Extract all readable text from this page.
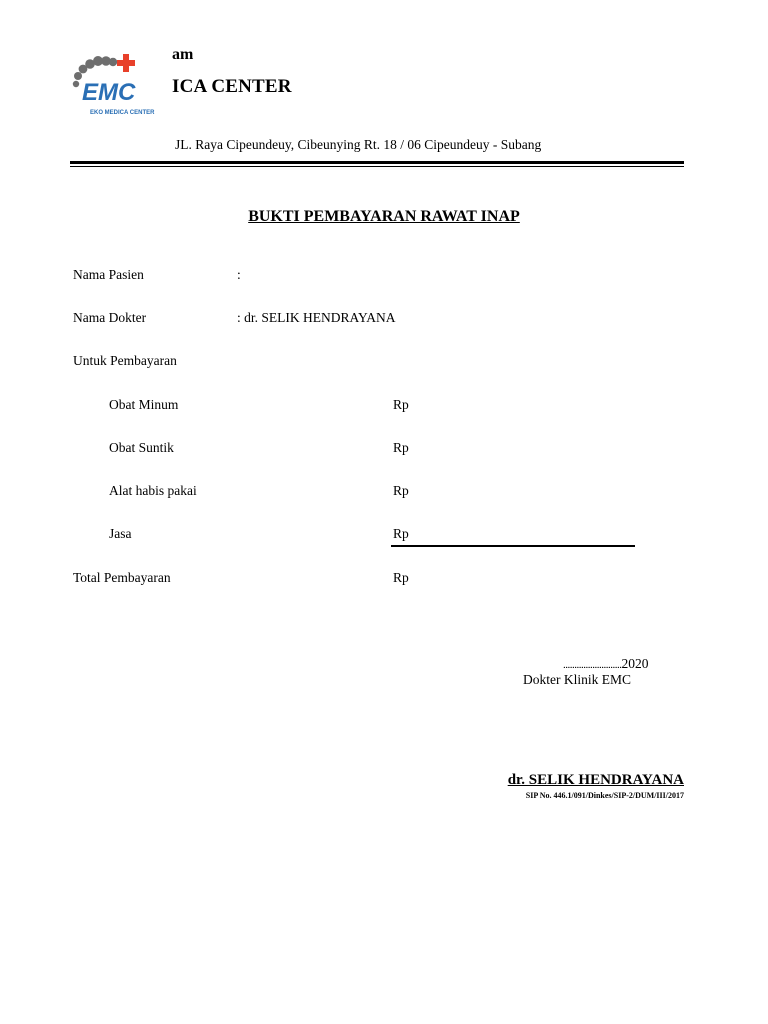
EMC
EKO MEDICA CENTER
am
ICA CENTER
JL. Raya Cipeundeuy, Cibeunying Rt. 18 / 06 Cipeundeuy - Subang
BUKTI PEMBAYARAN RAWAT INAP
Nama Pasien	:
Nama Dokter	: dr. SELIK HENDRAYANA
Untuk Pembayaran
Obat Minum	Rp
Obat Suntik	Rp
Alat habis pakai	Rp
Jasa	Rp
Total Pembayaran	Rp
..........................2020
Dokter Klinik EMC
dr. SELIK HENDRAYANA
SIP No. 446.1/091/Dinkes/SIP-2/DUM/III/2017
